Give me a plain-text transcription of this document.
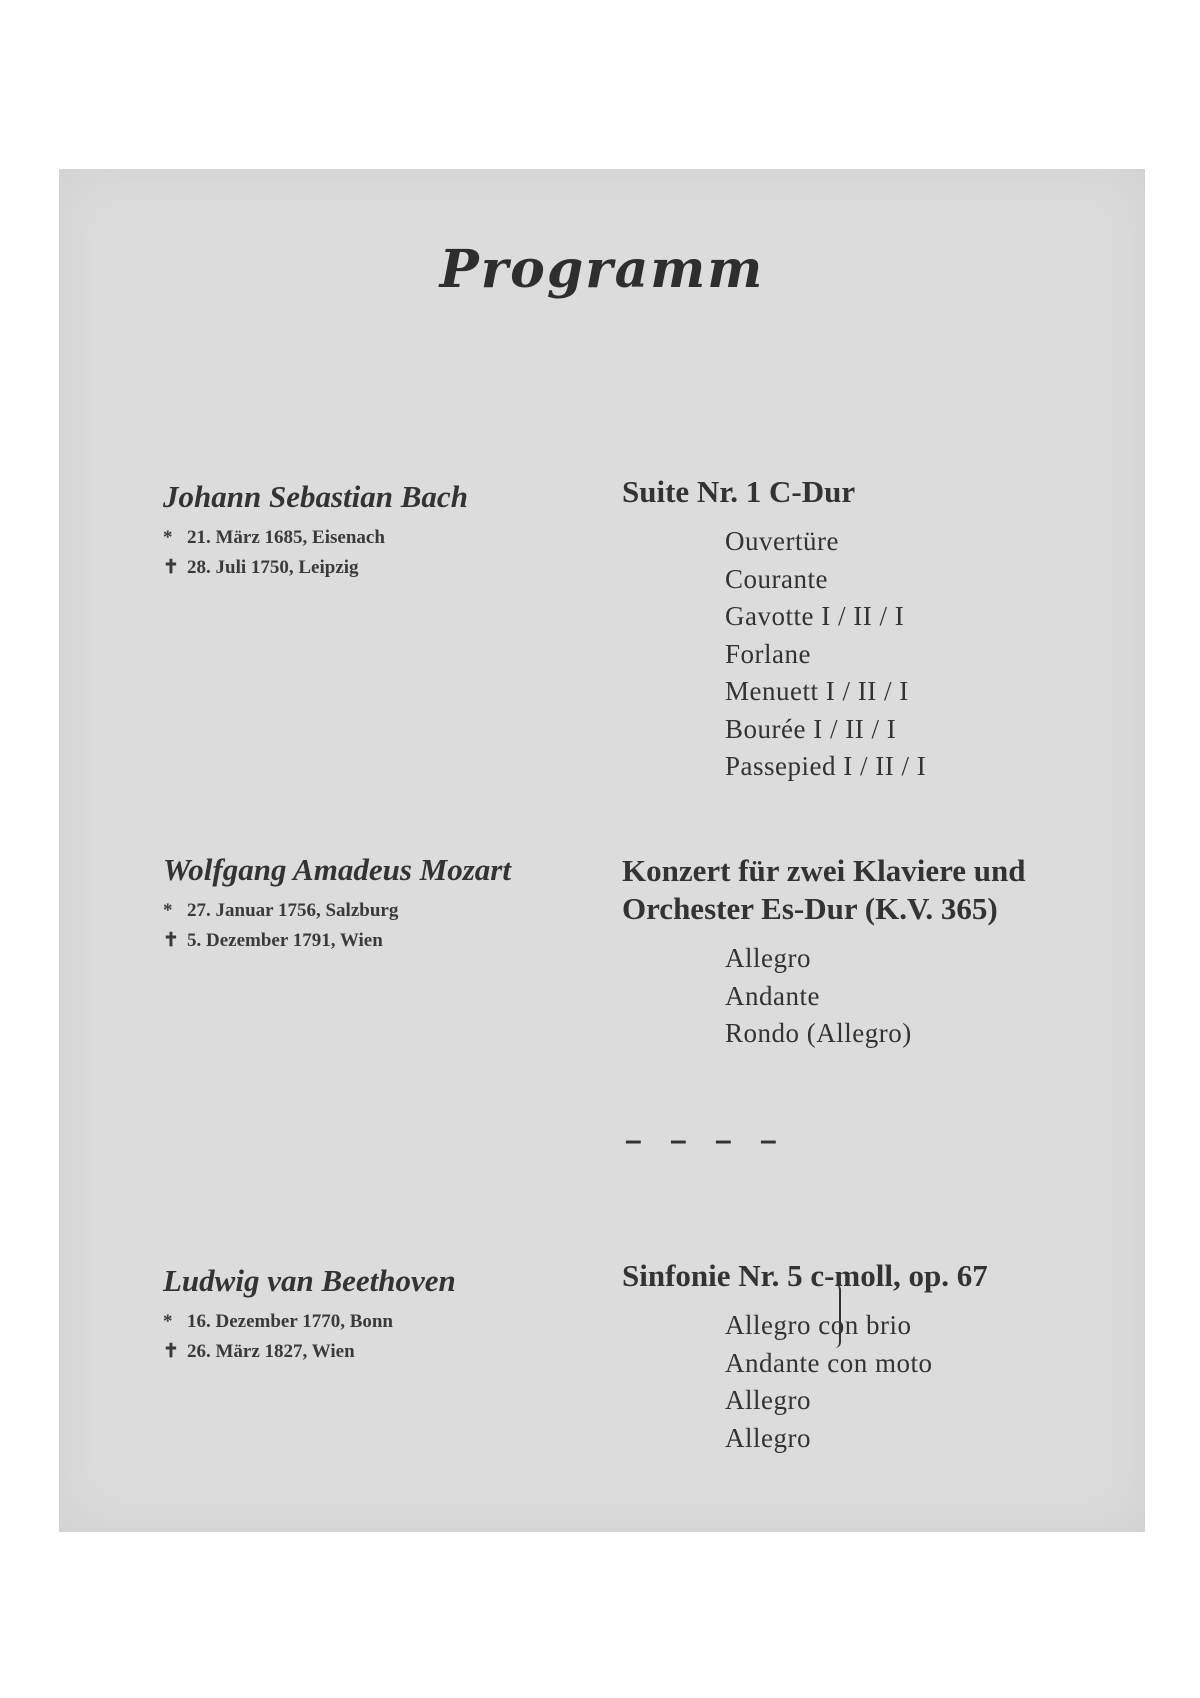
Programm
Johann Sebastian Bach
* 21. März 1685, Eisenach
✝ 28. Juli 1750, Leipzig
Suite Nr. 1 C-Dur
Ouvertüre
Courante
Gavotte I / II / I
Forlane
Menuett I / II / I
Bourée I / II / I
Passepied I / II / I
Wolfgang Amadeus Mozart
* 27. Januar 1756, Salzburg
✝ 5. Dezember 1791, Wien
Konzert für zwei Klaviere und
Orchester Es-Dur (K.V. 365)
Allegro
Andante
Rondo (Allegro)
– – – –
Ludwig van Beethoven
* 16. Dezember 1770, Bonn
✝ 26. März 1827, Wien
Sinfonie Nr. 5 c-moll, op. 67
Allegro con brio
Andante con moto
Allegro
Allegro
